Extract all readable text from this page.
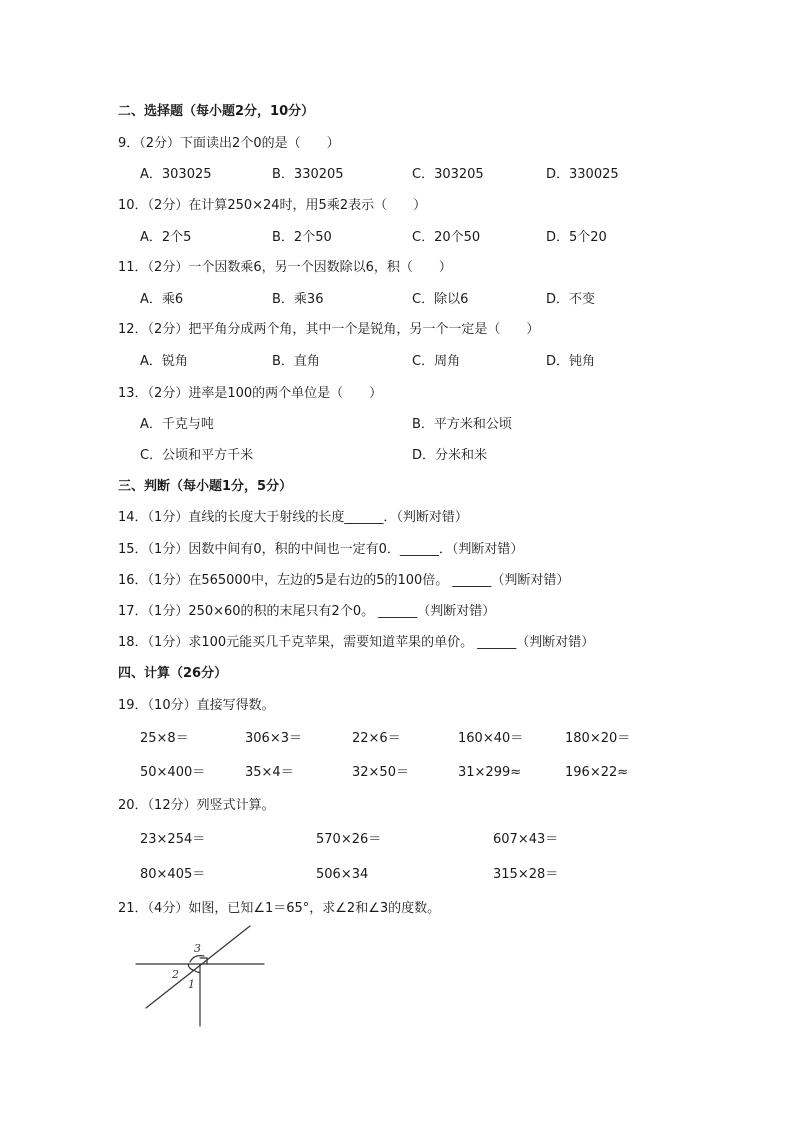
二、选择题（每小题2分，10分）
9．（2分）下面读出2个0的是（　　）
A．303025	B．330205	C．303205	D．330025
10．（2分）在计算250×24时，用5乘2表示（　　）
A．2个5	B．2个50	C．20个50	D．5个20
11．（2分）一个因数乘6，另一个因数除以6，积（　　）
A．乘6	B．乘36	C．除以6	D．不变
12．（2分）把平角分成两个角，其中一个是锐角，另一个一定是（　　）
A．锐角	B．直角	C．周角	D．钝角
13．（2分）进率是100的两个单位是（　　）
A．千克与吨	B．平方米和公顷
C．公顷和平方千米	D．分米和米
三、判断（每小题1分，5分）
14．（1分）直线的长度大于射线的长度______．（判断对错）
15．（1分）因数中间有0，积的中间也一定有0．______．（判断对错）
16．（1分）在565000中，左边的5是右边的5的100倍。 ______（判断对错）
17．（1分）250×60的积的末尾只有2个0。 ______（判断对错）
18．（1分）求100元能买几千克苹果，需要知道苹果的单价。 ______（判断对错）
四、计算（26分）
19．（10分）直接写得数。
25×8＝	306×3＝	22×6＝	160×40＝	180×20＝
50×400＝	35×4＝	32×50＝	31×299≈	196×22≈
20．（12分）列竖式计算。
23×254＝	570×26＝	607×43＝
80×405＝	506×34	315×28＝
21．（4分）如图，已知∠1＝65°，求∠2和∠3的度数。
3
2
1
